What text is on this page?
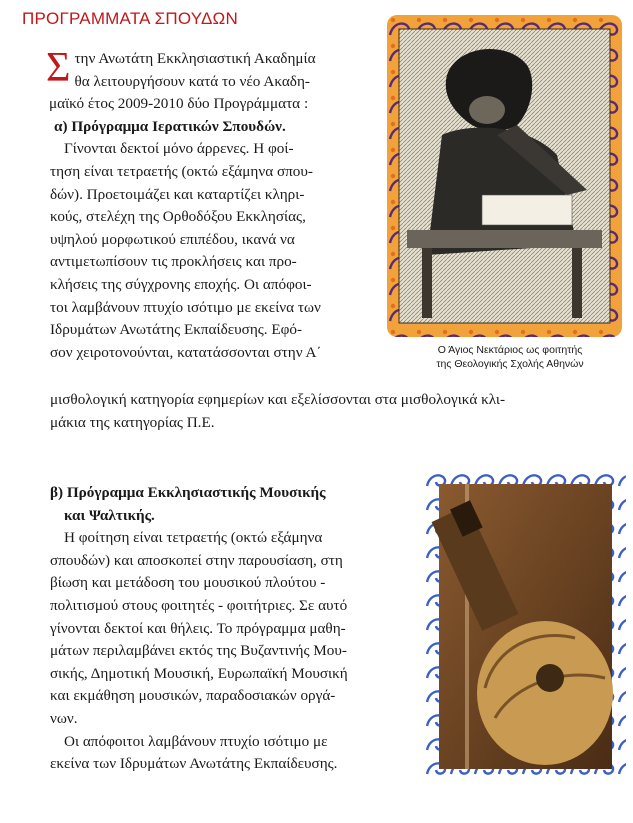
ΠΡΟΓΡΑΜΜΑΤΑ ΣΠΟΥΔΩΝ
Σ την Ανωτάτη Εκκλησιαστική Ακαδημία
θα λειτουργήσουν κατά το νέο Ακαδη-
μαϊκό έτος 2009-2010 δύο Προγράμματα :
α) Πρόγραμμα Ιερατικών Σπουδών.
Γίνονται δεκτοί μόνο άρρενες. Η φοί-
τηση είναι τετραετής (οκτώ εξάμηνα σπου-
δών). Προετοιμάζει και καταρτίζει κληρι-
κούς, στελέχη της Ορθοδόξου Εκκλησίας,
υψηλού μορφωτικού επιπέδου, ικανά να
αντιμετωπίσουν τις προκλήσεις και προ-
κλήσεις της σύγχρονης εποχής. Οι απόφοι-
τοι λαμβάνουν πτυχίο ισότιμο με εκείνα των
Ιδρυμάτων Ανωτάτης Εκπαίδευσης. Εφό-
σον χειροτονούνται, κατατάσσονται στην Α΄
μισθολογική κατηγορία εφημερίων και εξελίσσονται στα μισθολογικά κλι-
μάκια της κατηγορίας Π.Ε.
Ο Άγιος Νεκτάριος ως φοιτητής
της Θεολογικής Σχολής Αθηνών
β) Πρόγραμμα Εκκλησιαστικής Μουσικής
και Ψαλτικής.
Η φοίτηση είναι τετραετής (οκτώ εξάμηνα
σπουδών) και αποσκοπεί στην παρουσίαση, στη
βίωση και μετάδοση του μουσικού πλούτου -
πολιτισμού στους φοιτητές - φοιτήτριες. Σε αυτό
γίνονται δεκτοί και θήλεις. Το πρόγραμμα μαθη-
μάτων περιλαμβάνει εκτός της Βυζαντινής Μου-
σικής, Δημοτική Μουσική, Ευρωπαϊκή Μουσική
και εκμάθηση μουσικών, παραδοσιακών οργά-
νων.
Οι απόφοιτοι λαμβάνουν πτυχίο ισότιμο με
εκείνα των Ιδρυμάτων Ανωτάτης Εκπαίδευσης.
